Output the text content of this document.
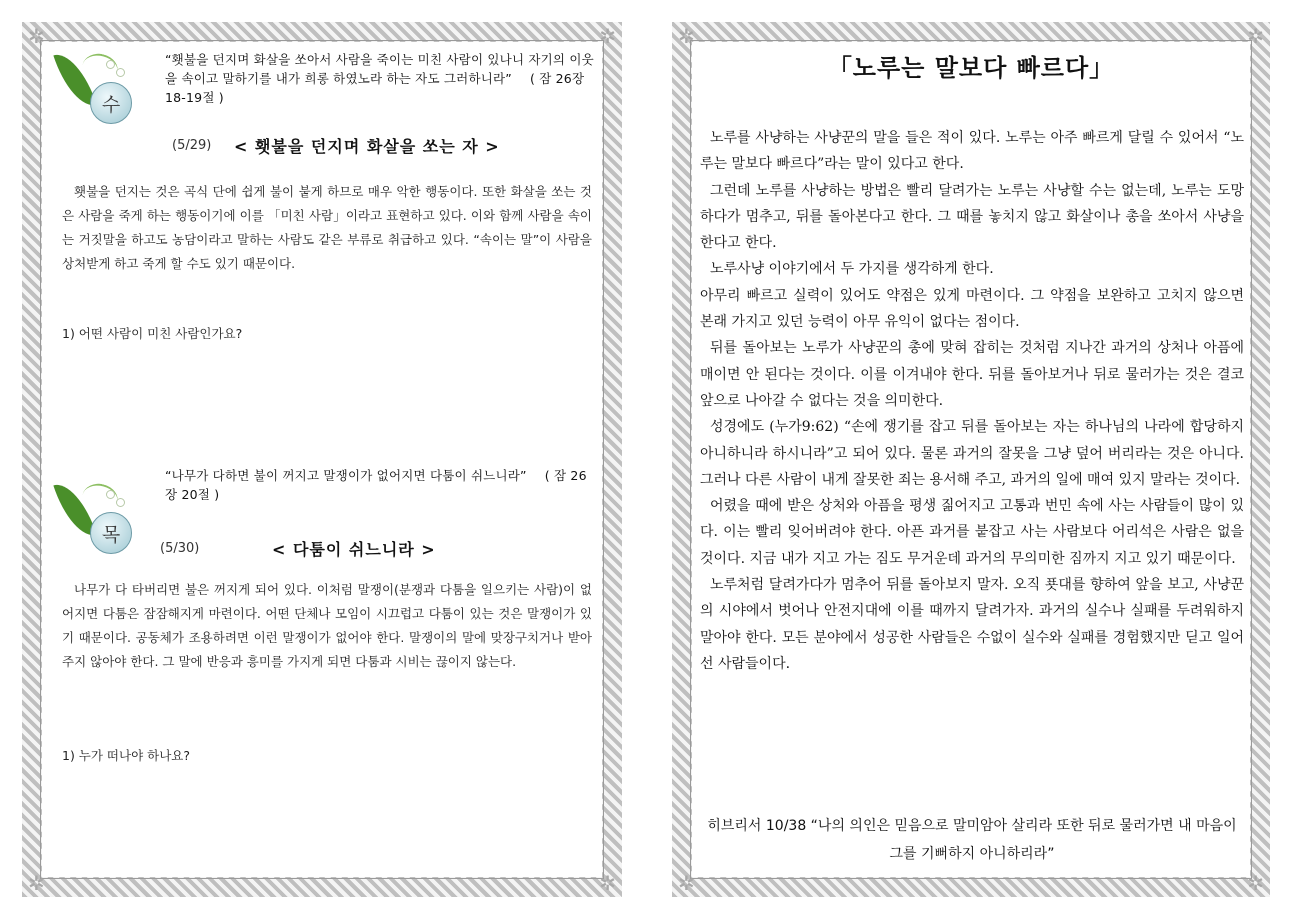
✲	✲
✲	✲
수
“횃불을 던지며 화살을 쏘아서 사람을 죽이는 미친 사람이 있나니 자기의 이웃을 속이고 말하기를 내가 희롱 하였노라 하는 자도 그러하니라” ( 잠 26장 18-19절 )
(5/29) < 횃불을 던지며 화살을 쏘는 자 >
횃불을 던지는 것은 곡식 단에 쉽게 불이 붙게 하므로 매우 악한 행동이다. 또한 화살을 쏘는 것은 사람을 죽게 하는 행동이기에 이를 「미친 사람」이라고 표현하고 있다. 이와 함께 사람을 속이는 거짓말을 하고도 농담이라고 말하는 사람도 같은 부류로 취급하고 있다. “속이는 말”이 사람을 상처받게 하고 죽게 할 수도 있기 때문이다.
1) 어떤 사람이 미친 사람인가요?
목
“나무가 다하면 불이 꺼지고 말쟁이가 없어지면 다툼이 쉬느니라” ( 잠 26장 20절 )
(5/30)	< 다툼이 쉬느니라 >
나무가 다 타버리면 불은 꺼지게 되어 있다. 이처럼 말쟁이(분쟁과 다툼을 일으키는 사람)이 없어지면 다툼은 잠잠해지게 마련이다. 어떤 단체나 모임이 시끄럽고 다툼이 있는 것은 말쟁이가 있기 때문이다. 공동체가 조용하려면 이런 말쟁이가 없어야 한다. 말쟁이의 말에 맞장구치거나 받아주지 않아야 한다. 그 말에 반응과 흥미를 가지게 되면 다툼과 시비는 끊이지 않는다.
1) 누가 떠나야 하나요?
✲	✲
✲	✲
「노루는 말보다 빠르다」

노루를 사냥하는 사냥꾼의 말을 들은 적이 있다. 노루는 아주 빠르게 달릴 수 있어서 “노루는 말보다 빠르다”라는 말이 있다고 한다.

그런데 노루를 사냥하는 방법은 빨리 달려가는 노루는 사냥할 수는 없는데, 노루는 도망하다가 멈추고, 뒤를 돌아본다고 한다. 그 때를 놓치지 않고 화살이나 총을 쏘아서 사냥을 한다고 한다.

노루사냥 이야기에서 두 가지를 생각하게 한다.

아무리 빠르고 실력이 있어도 약점은 있게 마련이다. 그 약점을 보완하고 고치지 않으면 본래 가지고 있던 능력이 아무 유익이 없다는 점이다.

뒤를 돌아보는 노루가 사냥꾼의 총에 맞혀 잡히는 것처럼 지나간 과거의 상처나 아픔에 매이면 안 된다는 것이다. 이를 이겨내야 한다. 뒤를 돌아보거나 뒤로 물러가는 것은 결코 앞으로 나아갈 수 없다는 것을 의미한다.

성경에도 (누가9:62) “손에 쟁기를 잡고 뒤를 돌아보는 자는 하나님의 나라에 합당하지 아니하니라 하시니라”고 되어 있다. 물론 과거의 잘못을 그냥 덮어 버리라는 것은 아니다. 그러나 다른 사람이 내게 잘못한 죄는 용서해 주고, 과거의 일에 매여 있지 말라는 것이다.

어렸을 때에 받은 상처와 아픔을 평생 짊어지고 고통과 번민 속에 사는 사람들이 많이 있다. 이는 빨리 잊어버려야 한다. 아픈 과거를 붙잡고 사는 사람보다 어리석은 사람은 없을 것이다. 지금 내가 지고 가는 짐도 무거운데 과거의 무의미한 짐까지 지고 있기 때문이다.

노루처럼 달려가다가 멈추어 뒤를 돌아보지 말자. 오직 푯대를 향하여 앞을 보고, 사냥꾼의 시야에서 벗어나 안전지대에 이를 때까지 달려가자. 과거의 실수나 실패를 두려워하지 말아야 한다. 모든 분야에서 성공한 사람들은 수없이 실수와 실패를 경험했지만 딛고 일어선 사람들이다.

히브리서 10/38 “나의 의인은 믿음으로 말미암아 살리라 또한 뒤로 물러가면 내 마음이 그를 기뻐하지 아니하리라”
